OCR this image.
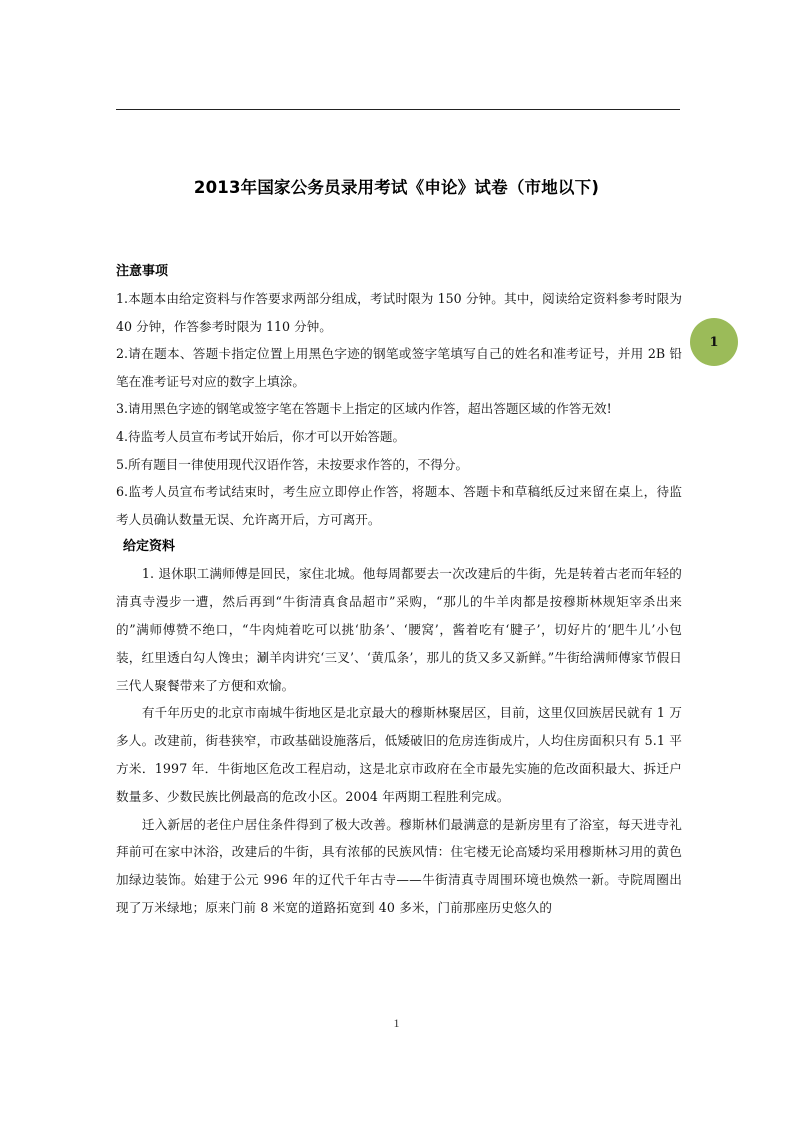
2013年国家公务员录用考试《申论》试卷（市地以下)

注意事项

1.本题本由给定资料与作答要求两部分组成，考试时限为 150 分钟。其中，阅读给定资料参考时限为 40 分钟，作答参考时限为 110 分钟。

2.请在题本、答题卡指定位置上用黑色字迹的钢笔或签字笔填写自己的姓名和准考证号，并用 2B 铅笔在准考证号对应的数字上填涂。

3.请用黑色字迹的钢笔或签字笔在答题卡上指定的区域内作答，超出答题区域的作答无效!

4.待监考人员宣布考试开始后，你才可以开始答题。

5.所有题目一律使用现代汉语作答，未按要求作答的，不得分。

6.监考人员宣布考试结束时，考生应立即停止作答，将题本、答题卡和草稿纸反过来留在桌上，待监考人员确认数量无误、允许离开后，方可离开。

给定资料

1. 退休职工满师傅是回民，家住北城。他每周都要去一次改建后的牛街，先是转着古老而年轻的清真寺漫步一遭，然后再到“牛街清真食品超市”采购，“那儿的牛羊肉都是按穆斯林规矩宰杀出来的”满师傅赞不绝口，“牛肉炖着吃可以挑‘肋条’、‘腰窝’，酱着吃有‘腱子’，切好片的‘肥牛儿’小包装，红里透白勾人馋虫；涮羊肉讲究‘三叉’、‘黄瓜条’，那儿的货又多又新鲜。”牛街给满师傅家节假日三代人聚餐带来了方便和欢愉。

有千年历史的北京市南城牛街地区是北京最大的穆斯林聚居区，目前，这里仅回族居民就有 1 万多人。改建前，街巷狭窄，市政基础设施落后，低矮破旧的危房连街成片，人均住房面积只有 5.1 平方米．1997 年．牛街地区危改工程启动，这是北京市政府在全市最先实施的危改面积最大、拆迁户数量多、少数民族比例最高的危改小区。2004 年两期工程胜利完成。

迁入新居的老住户居住条件得到了极大改善。穆斯林们最满意的是新房里有了浴室，每天进寺礼拜前可在家中沐浴，改建后的牛街，具有浓郁的民族风情：住宅楼无论高矮均采用穆斯林习用的黄色加绿边装饰。始建于公元 996 年的辽代千年古寺——牛街清真寺周围环境也焕然一新。寺院周圈出现了万米绿地；原来门前 8 米宽的道路拓宽到 40 多米，门前那座历史悠久的

1
1
